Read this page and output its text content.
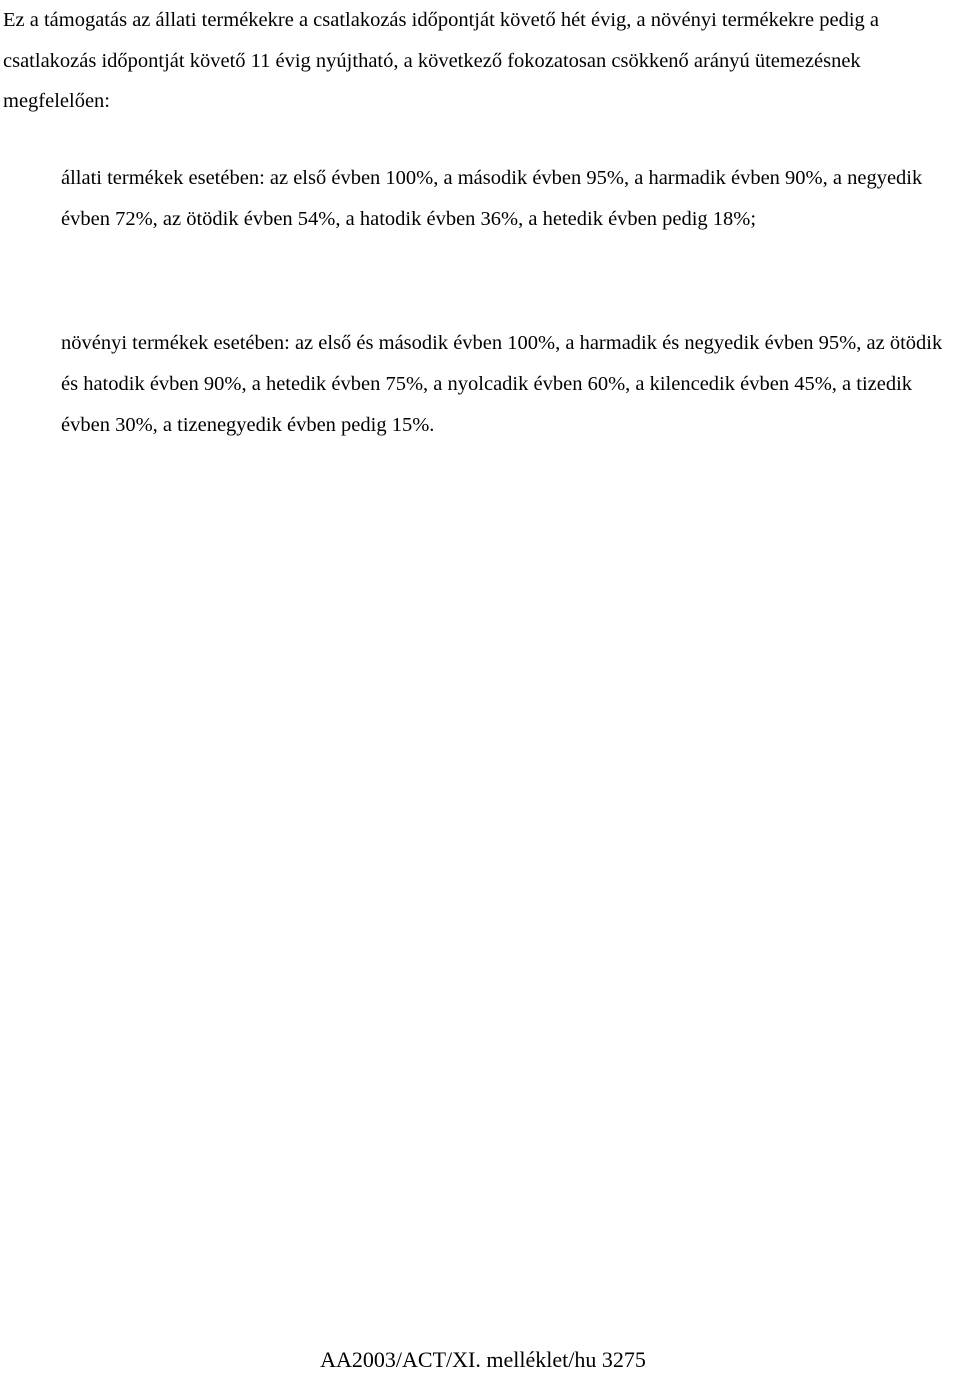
Ez a támogatás az állati termékekre a csatlakozás időpontját követő hét évig, a növényi termékekre pedig a csatlakozás időpontját követő 11 évig nyújtható, a következő fokozatosan csökkenő arányú ütemezésnek megfelelően:

állati termékek esetében: az első évben 100%, a második évben 95%, a harmadik évben 90%, a negyedik évben 72%, az ötödik évben 54%, a hatodik évben 36%, a hetedik évben pedig 18%;

növényi termékek esetében: az első és második évben 100%, a harmadik és negyedik évben 95%, az ötödik és hatodik évben 90%, a hetedik évben 75%, a nyolcadik évben 60%, a kilencedik évben 45%, a tizedik évben 30%, a tizenegyedik évben pedig 15%.

AA2003/ACT/XI. melléklet/hu 3275
